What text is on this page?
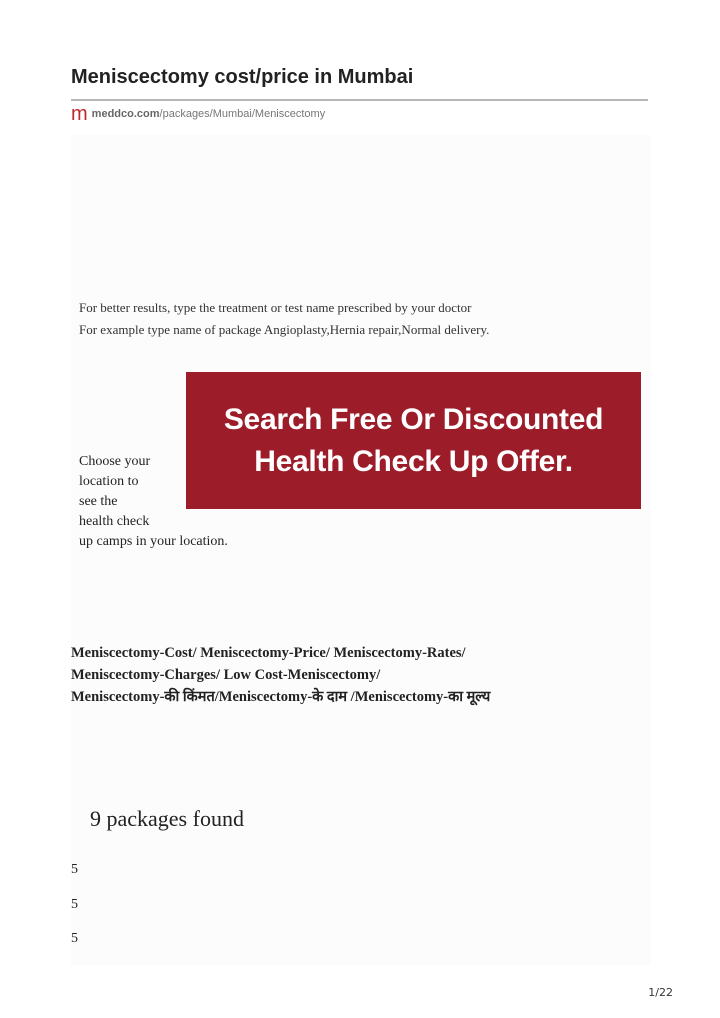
Meniscectomy cost/price in Mumbai
m meddco.com /packages/Mumbai/Meniscectomy
For better results, type the treatment or test name prescribed by your doctor
For example type name of package Angioplasty,Hernia repair,Normal delivery.
Choose your
location to
see the
health check
up camps in your location.
Search Free Or Discounted
Health Check Up Offer.
Meniscectomy-Cost/ Meniscectomy-Price/ Meniscectomy-Rates/
Meniscectomy-Charges/ Low Cost-Meniscectomy/
Meniscectomy-की किंमत/Meniscectomy-के दाम /Meniscectomy-का मूल्य
9 packages found
5
5
5
1/22
